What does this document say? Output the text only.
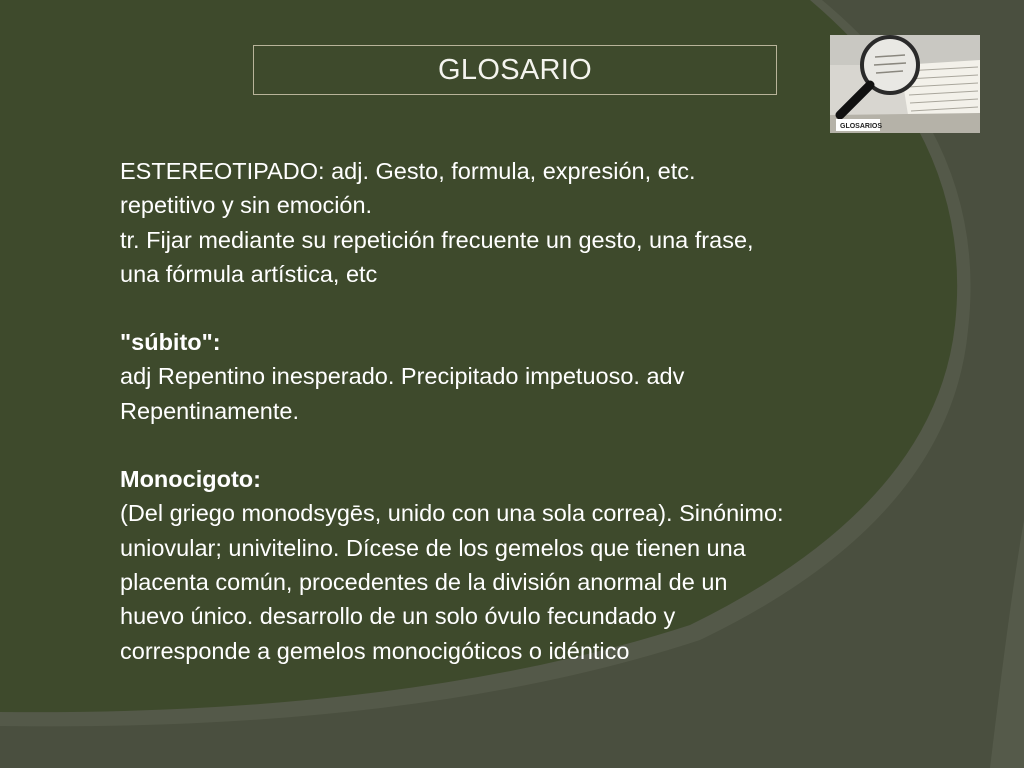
GLOSARIO
GLOSARIOS

ESTEREOTIPADO: adj. Gesto, formula, expresión, etc.

repetitivo y sin emoción.

tr. Fijar mediante su repetición frecuente un gesto, una frase,

una fórmula artística, etc

"súbito":

adj Repentino inesperado. Precipitado impetuoso. adv

Repentinamente.

Monocigoto:

(Del griego monodsygēs, unido con una sola correa). Sinónimo:

uniovular; univitelino. Dícese de los gemelos que tienen una

placenta común, procedentes de la división anormal de un

huevo único. desarrollo de un solo óvulo fecundado y

corresponde a gemelos monocigóticos o idéntico
